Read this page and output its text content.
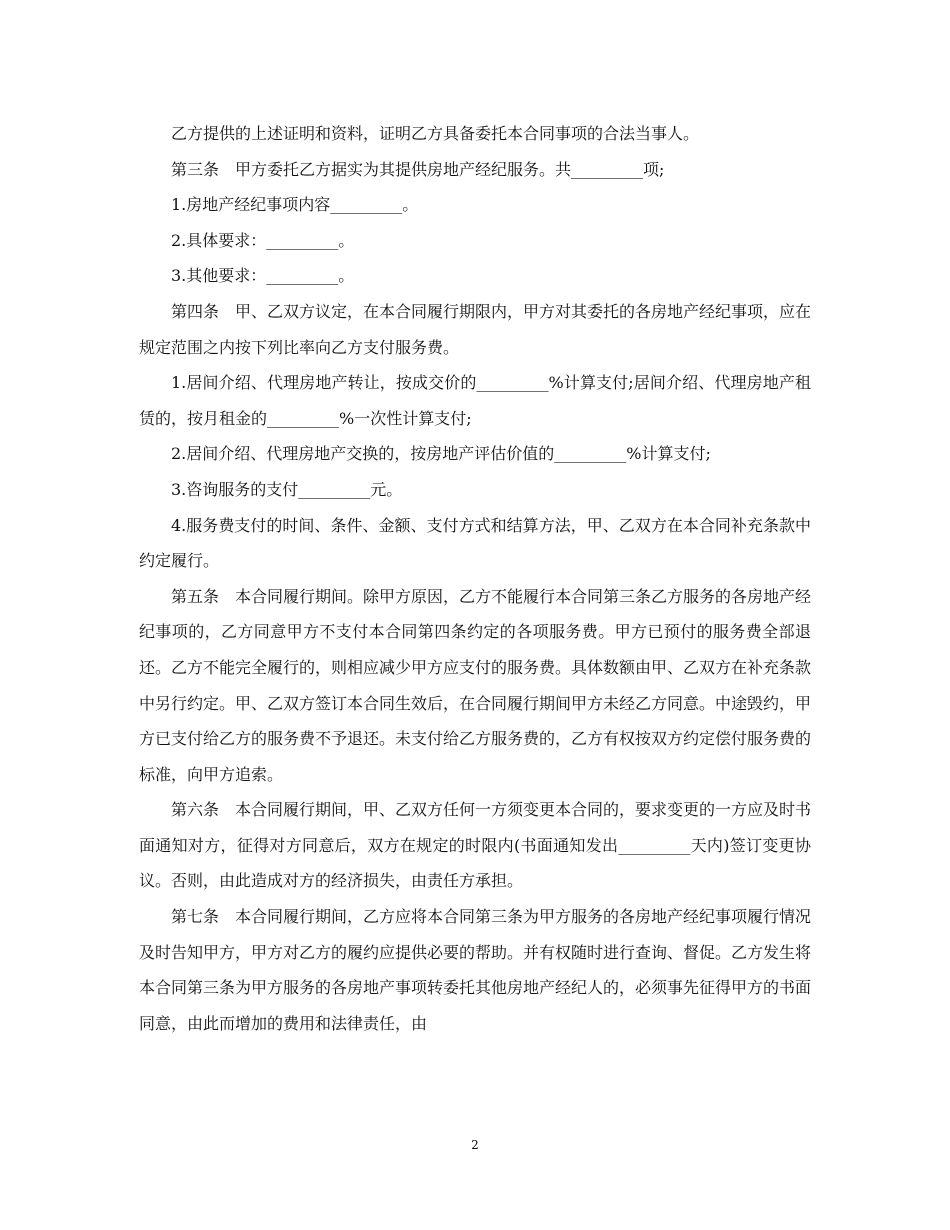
乙方提供的上述证明和资料，证明乙方具备委托本合同事项的合法当事人。

第三条　甲方委托乙方据实为其提供房地产经纪服务。共_________项;

1.房地产经纪事项内容_________。

2.具体要求：_________。

3.其他要求：_________。

第四条　甲、乙双方议定，在本合同履行期限内，甲方对其委托的各房地产经纪事项，应在规定范围之内按下列比率向乙方支付服务费。

1.居间介绍、代理房地产转让，按成交价的_________%计算支付;居间介绍、代理房地产租赁的，按月租金的_________%一次性计算支付;

2.居间介绍、代理房地产交换的，按房地产评估价值的_________%计算支付;

3.咨询服务的支付_________元。

4.服务费支付的时间、条件、金额、支付方式和结算方法，甲、乙双方在本合同补充条款中约定履行。

第五条　本合同履行期间。除甲方原因，乙方不能履行本合同第三条乙方服务的各房地产经纪事项的，乙方同意甲方不支付本合同第四条约定的各项服务费。甲方已预付的服务费全部退还。乙方不能完全履行的，则相应减少甲方应支付的服务费。具体数额由甲、乙双方在补充条款中另行约定。甲、乙双方签订本合同生效后，在合同履行期间甲方未经乙方同意。中途毁约，甲方已支付给乙方的服务费不予退还。未支付给乙方服务费的，乙方有权按双方约定偿付服务费的标准，向甲方追索。

第六条　本合同履行期间，甲、乙双方任何一方须变更本合同的，要求变更的一方应及时书面通知对方，征得对方同意后，双方在规定的时限内(书面通知发出_________天内)签订变更协议。否则，由此造成对方的经济损失，由责任方承担。

第七条　本合同履行期间，乙方应将本合同第三条为甲方服务的各房地产经纪事项履行情况及时告知甲方，甲方对乙方的履约应提供必要的帮助。并有权随时进行查询、督促。乙方发生将本合同第三条为甲方服务的各房地产事项转委托其他房地产经纪人的，必须事先征得甲方的书面同意，由此而增加的费用和法律责任，由

2
